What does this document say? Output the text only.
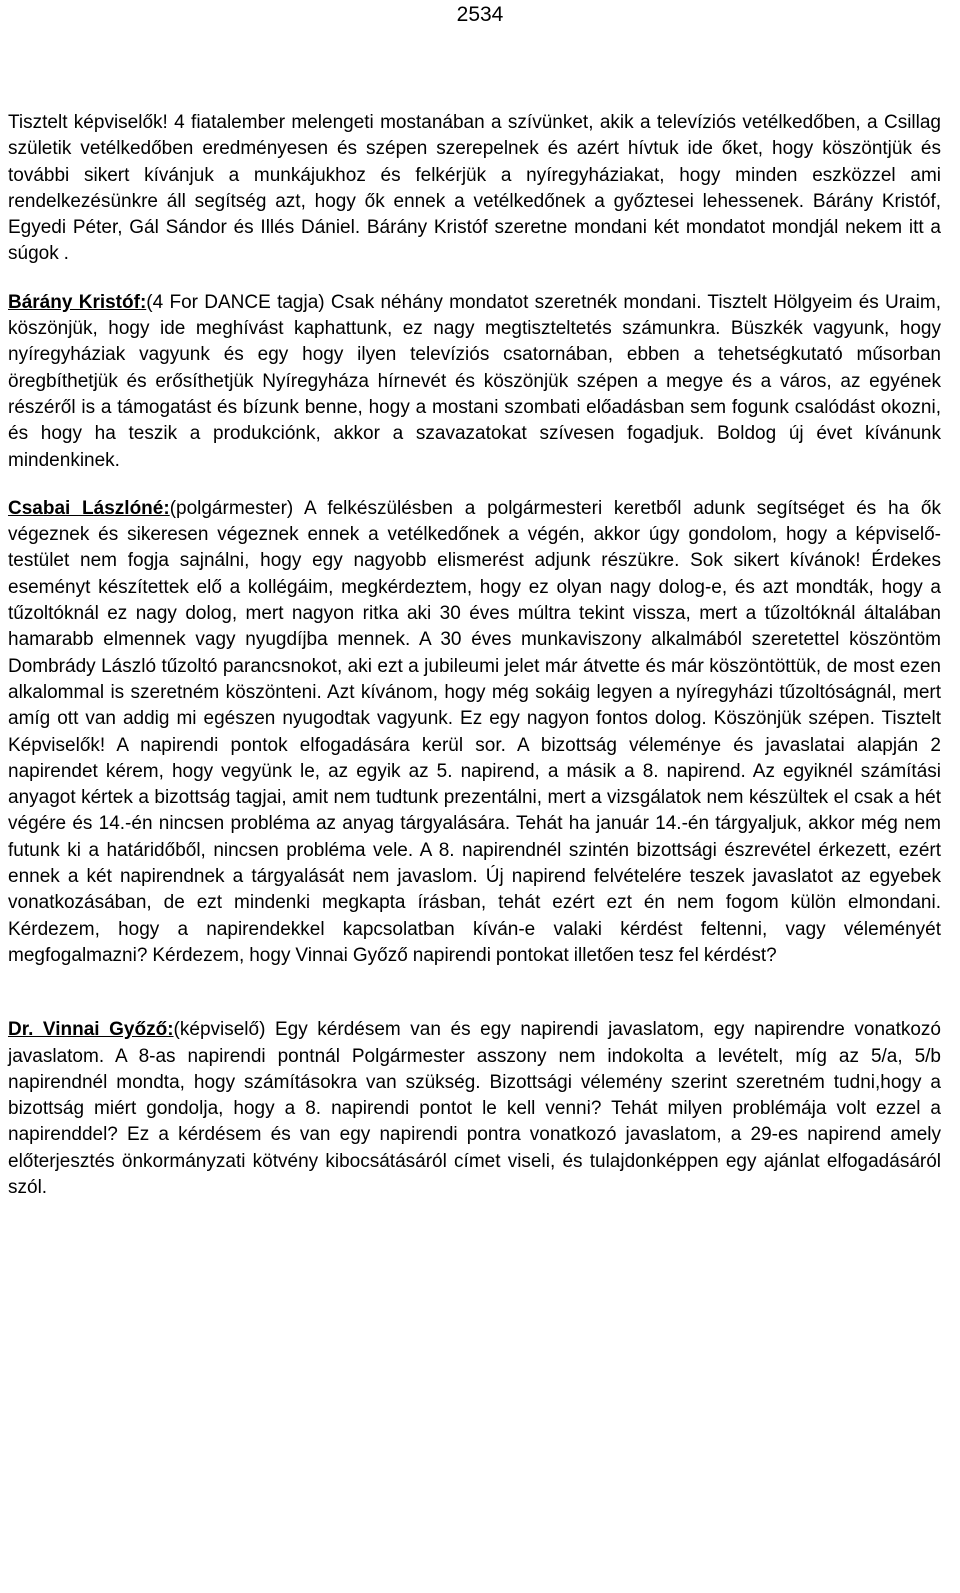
2534

Tisztelt képviselők! 4 fiatalember melengeti mostanában a szívünket, akik a televíziós vetélkedőben, a Csillag születik vetélkedőben eredményesen és szépen szerepelnek és azért hívtuk ide őket, hogy köszöntjük és további sikert kívánjuk a munkájukhoz és felkérjük a nyíregyháziakat, hogy minden eszközzel ami rendelkezésünkre áll segítség azt, hogy ők ennek a vetélkedőnek a győztesei lehessenek. Bárány Kristóf, Egyedi Péter, Gál Sándor és Illés Dániel. Bárány Kristóf szeretne mondani két mondatot mondjál nekem itt a súgok .

Bárány Kristóf:(4 For DANCE tagja) Csak néhány mondatot szeretnék mondani. Tisztelt Hölgyeim és Uraim, köszönjük, hogy ide meghívást kaphattunk, ez nagy megtiszteltetés számunkra. Büszkék vagyunk, hogy nyíregyháziak vagyunk és egy hogy ilyen televíziós csatornában, ebben a tehetségkutató műsorban öregbíthetjük és erősíthetjük Nyíregyháza hírnevét és köszönjük szépen a megye és a város, az egyének részéről is a támogatást és bízunk benne, hogy a mostani szombati előadásban sem fogunk csalódást okozni, és hogy ha teszik a produkciónk, akkor a szavazatokat szívesen fogadjuk. Boldog új évet kívánunk mindenkinek.

Csabai Lászlóné:(polgármester) A felkészülésben a polgármesteri keretből adunk segítséget és ha ők végeznek és sikeresen végeznek ennek a vetélkedőnek a végén, akkor úgy gondolom, hogy a képviselő-testület nem fogja sajnálni, hogy egy nagyobb elismerést adjunk részükre. Sok sikert kívánok! Érdekes eseményt készítettek elő a kollégáim, megkérdeztem, hogy ez olyan nagy dolog-e, és azt mondták, hogy a tűzoltóknál ez nagy dolog, mert nagyon ritka aki 30 éves múltra tekint vissza, mert a tűzoltóknál általában hamarabb elmennek vagy nyugdíjba mennek. A 30 éves munkaviszony alkalmából szeretettel köszöntöm Dombrády László tűzoltó parancsnokot, aki ezt a jubileumi jelet már átvette és már köszöntöttük, de most ezen alkalommal is szeretném köszönteni. Azt kívánom, hogy még sokáig legyen a nyíregyházi tűzoltóságnál, mert amíg ott van addig mi egészen nyugodtak vagyunk. Ez egy nagyon fontos dolog. Köszönjük szépen. Tisztelt Képviselők! A napirendi pontok elfogadására kerül sor. A bizottság véleménye és javaslatai alapján 2 napirendet kérem, hogy vegyünk le, az egyik az 5. napirend, a másik a 8. napirend. Az egyiknél számítási anyagot kértek a bizottság tagjai, amit nem tudtunk prezentálni, mert a vizsgálatok nem készültek el csak a hét végére és 14.-én nincsen probléma az anyag tárgyalására. Tehát ha január 14.-én tárgyaljuk, akkor még nem futunk ki a határidőből, nincsen probléma vele. A 8. napirendnél szintén bizottsági észrevétel érkezett, ezért ennek a két napirendnek a tárgyalását nem javaslom. Új napirend felvételére teszek javaslatot az egyebek vonatkozásában, de ezt mindenki megkapta írásban, tehát ezért ezt én nem fogom külön elmondani. Kérdezem, hogy a napirendekkel kapcsolatban kíván-e valaki kérdést feltenni, vagy véleményét megfogalmazni? Kérdezem, hogy Vinnai Győző napirendi pontokat illetően tesz fel kérdést?

Dr. Vinnai Győző:(képviselő) Egy kérdésem van és egy napirendi javaslatom, egy napirendre vonatkozó javaslatom. A 8-as napirendi pontnál Polgármester asszony nem indokolta a levételt, míg az 5/a, 5/b napirendnél mondta, hogy számításokra van szükség. Bizottsági vélemény szerint szeretném tudni,hogy a bizottság miért gondolja, hogy a 8. napirendi pontot le kell venni? Tehát milyen problémája volt ezzel a napirenddel? Ez a kérdésem és van egy napirendi pontra vonatkozó javaslatom, a 29-es napirend amely előterjesztés önkormányzati kötvény kibocsátásáról címet viseli, és tulajdonképpen egy ajánlat elfogadásáról szól.
